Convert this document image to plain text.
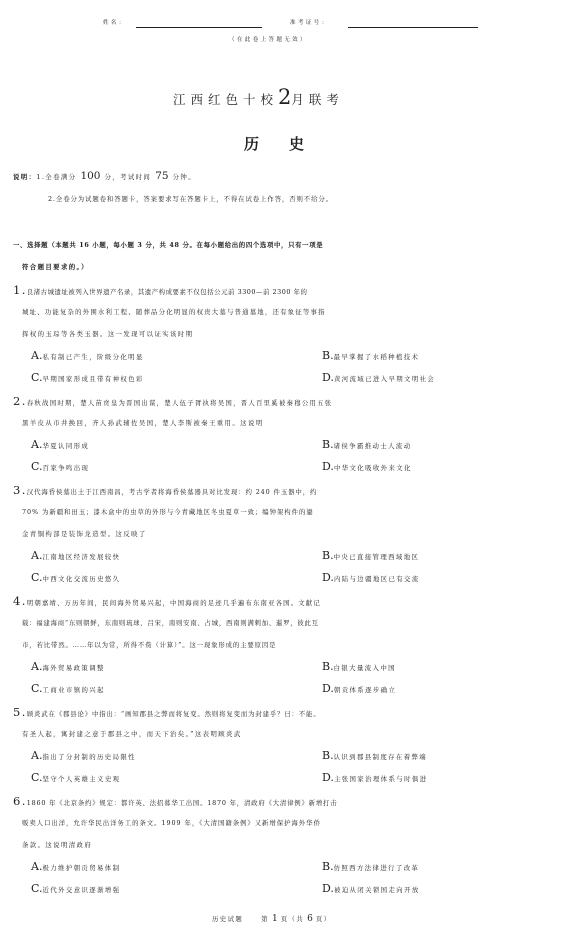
姓名：	准考证号：
（在此卷上答题无效）
江西红色十校2月联考
历史
说明：1.全卷满分 100 分，考试时间 75 分钟。
2.全卷分为试题卷和答题卡，答案要求写在答题卡上，不得在试卷上作答，否则不给分。
一、选择题（本题共 16 小题，每小题 3 分，共 48 分。在每小题给出的四个选项中，只有一项是
符合题目要求的。）
1.良渚古城遗址被列入世界遗产名录，其遗产构成要素不仅包括公元前 3300—前 2300 年的
城址、功能复杂的外围水利工程、随葬品分化明显的权贵大墓与普通墓地，还有象征等事指
挥权的玉琮等各类玉器。这一发现可以证实该时期
A.私有制已产生，阶级分化明显	B.最早掌握了水稻种植技术
C.早期国家形成且带有神权色彩	D.黄河流域已进入早期文明社会
2.春秋战国时期，楚人苗贲皇为晋国出谋，楚人伍子胥执将吴国，晋人百里奚被秦穆公用五张
黑羊皮从市井换回，齐人孙武辅佐吴国，楚人李斯被秦王重用。这说明
A.华夏认同形成	B.诸侯争霸推动士人流动
C.百家争鸣出现	D.中华文化吸收外来文化
3.汉代海昏侯墓出土于江西南昌，考古学者将海昏侯墓器具对比发现：约 240 件玉器中，约
70% 为新疆和田玉；漆木盒中的虫草的外形与今青藏地区冬虫夏草一致；编钟架构件的鎏
金青铜构部是装饰龙造型。这反映了
A.江南地区经济发展较快	B.中央已直接管理西域地区
C.中西文化交流历史悠久	D.内陆与边疆地区已有交流
4.明朝嘉靖、万历年间，民间海外贸易兴起，中国海商的足迹几乎遍布东南亚各国。文献记
载：福建海商“东则朝鲜，东南则琉球、吕宋，南则安南、占城，西南则满剌加、暹罗，彼此互
市，若比带然。……年以为常，所得不赀（计算）”。这一现象形成的主要原因是
A.海外贸易政策调整	B.白银大量流入中国
C.工商业市镇的兴起	D.朝贡体系逐步确立
5.顾炎武在《郡县论》中指出：“画知郡县之弊而将复变。然则将复变而为封建乎？曰：不能。
有圣人起，寓封建之意于郡县之中，而天下治矣。”这表明顾炎武
A.指出了分封制的历史局限性	B.认识到郡县制度存在着弊端
C.坚守个人英雄主义史观	D.主张国家治理体系与时俱进
6.1860 年《北京条约》规定：都许英、法招募华工出国。1870 年，清政府《大清律例》新增打击
贩卖人口出洋，允许华民出洋务工的条文。1909 年，《大清国籍条例》又新增保护海外华侨
条款。这说明清政府
A.极力维护朝贡贸易体制	B.仿照西方法律进行了改革
C.近代外交意识逐渐增强	D.被迫从闭关锁国走向开放
历史试题	第 1 页（共 6 页）
